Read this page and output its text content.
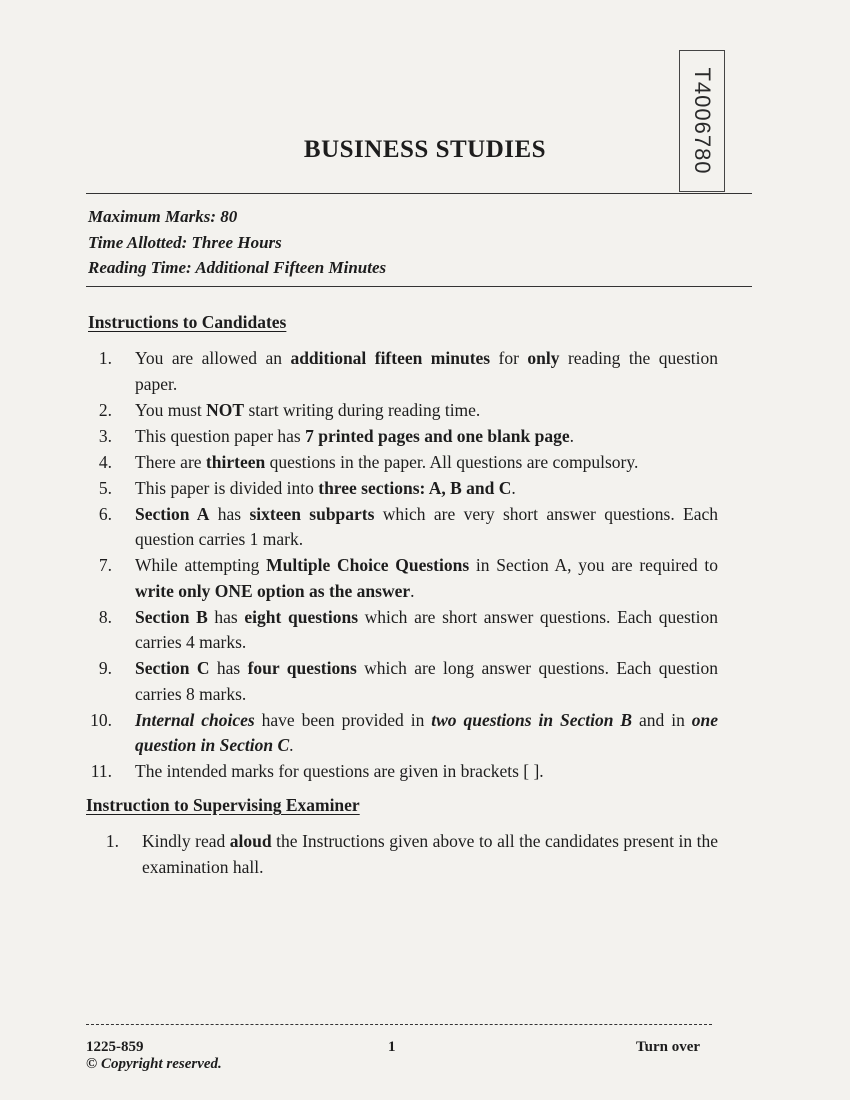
T4006780
BUSINESS STUDIES
Maximum Marks: 80
Time Allotted: Three Hours
Reading Time: Additional Fifteen Minutes
Instructions to Candidates
1. You are allowed an additional fifteen minutes for only reading the question paper.
2. You must NOT start writing during reading time.
3. This question paper has 7 printed pages and one blank page.
4. There are thirteen questions in the paper. All questions are compulsory.
5. This paper is divided into three sections: A, B and C.
6. Section A has sixteen subparts which are very short answer questions. Each question carries 1 mark.
7. While attempting Multiple Choice Questions in Section A, you are required to write only ONE option as the answer.
8. Section B has eight questions which are short answer questions. Each question carries 4 marks.
9. Section C has four questions which are long answer questions. Each question carries 8 marks.
10. Internal choices have been provided in two questions in Section B and in one question in Section C.
11. The intended marks for questions are given in brackets [ ].
Instruction to Supervising Examiner
1. Kindly read aloud the Instructions given above to all the candidates present in the examination hall.
1225-859	1	Turn over
© Copyright reserved.
